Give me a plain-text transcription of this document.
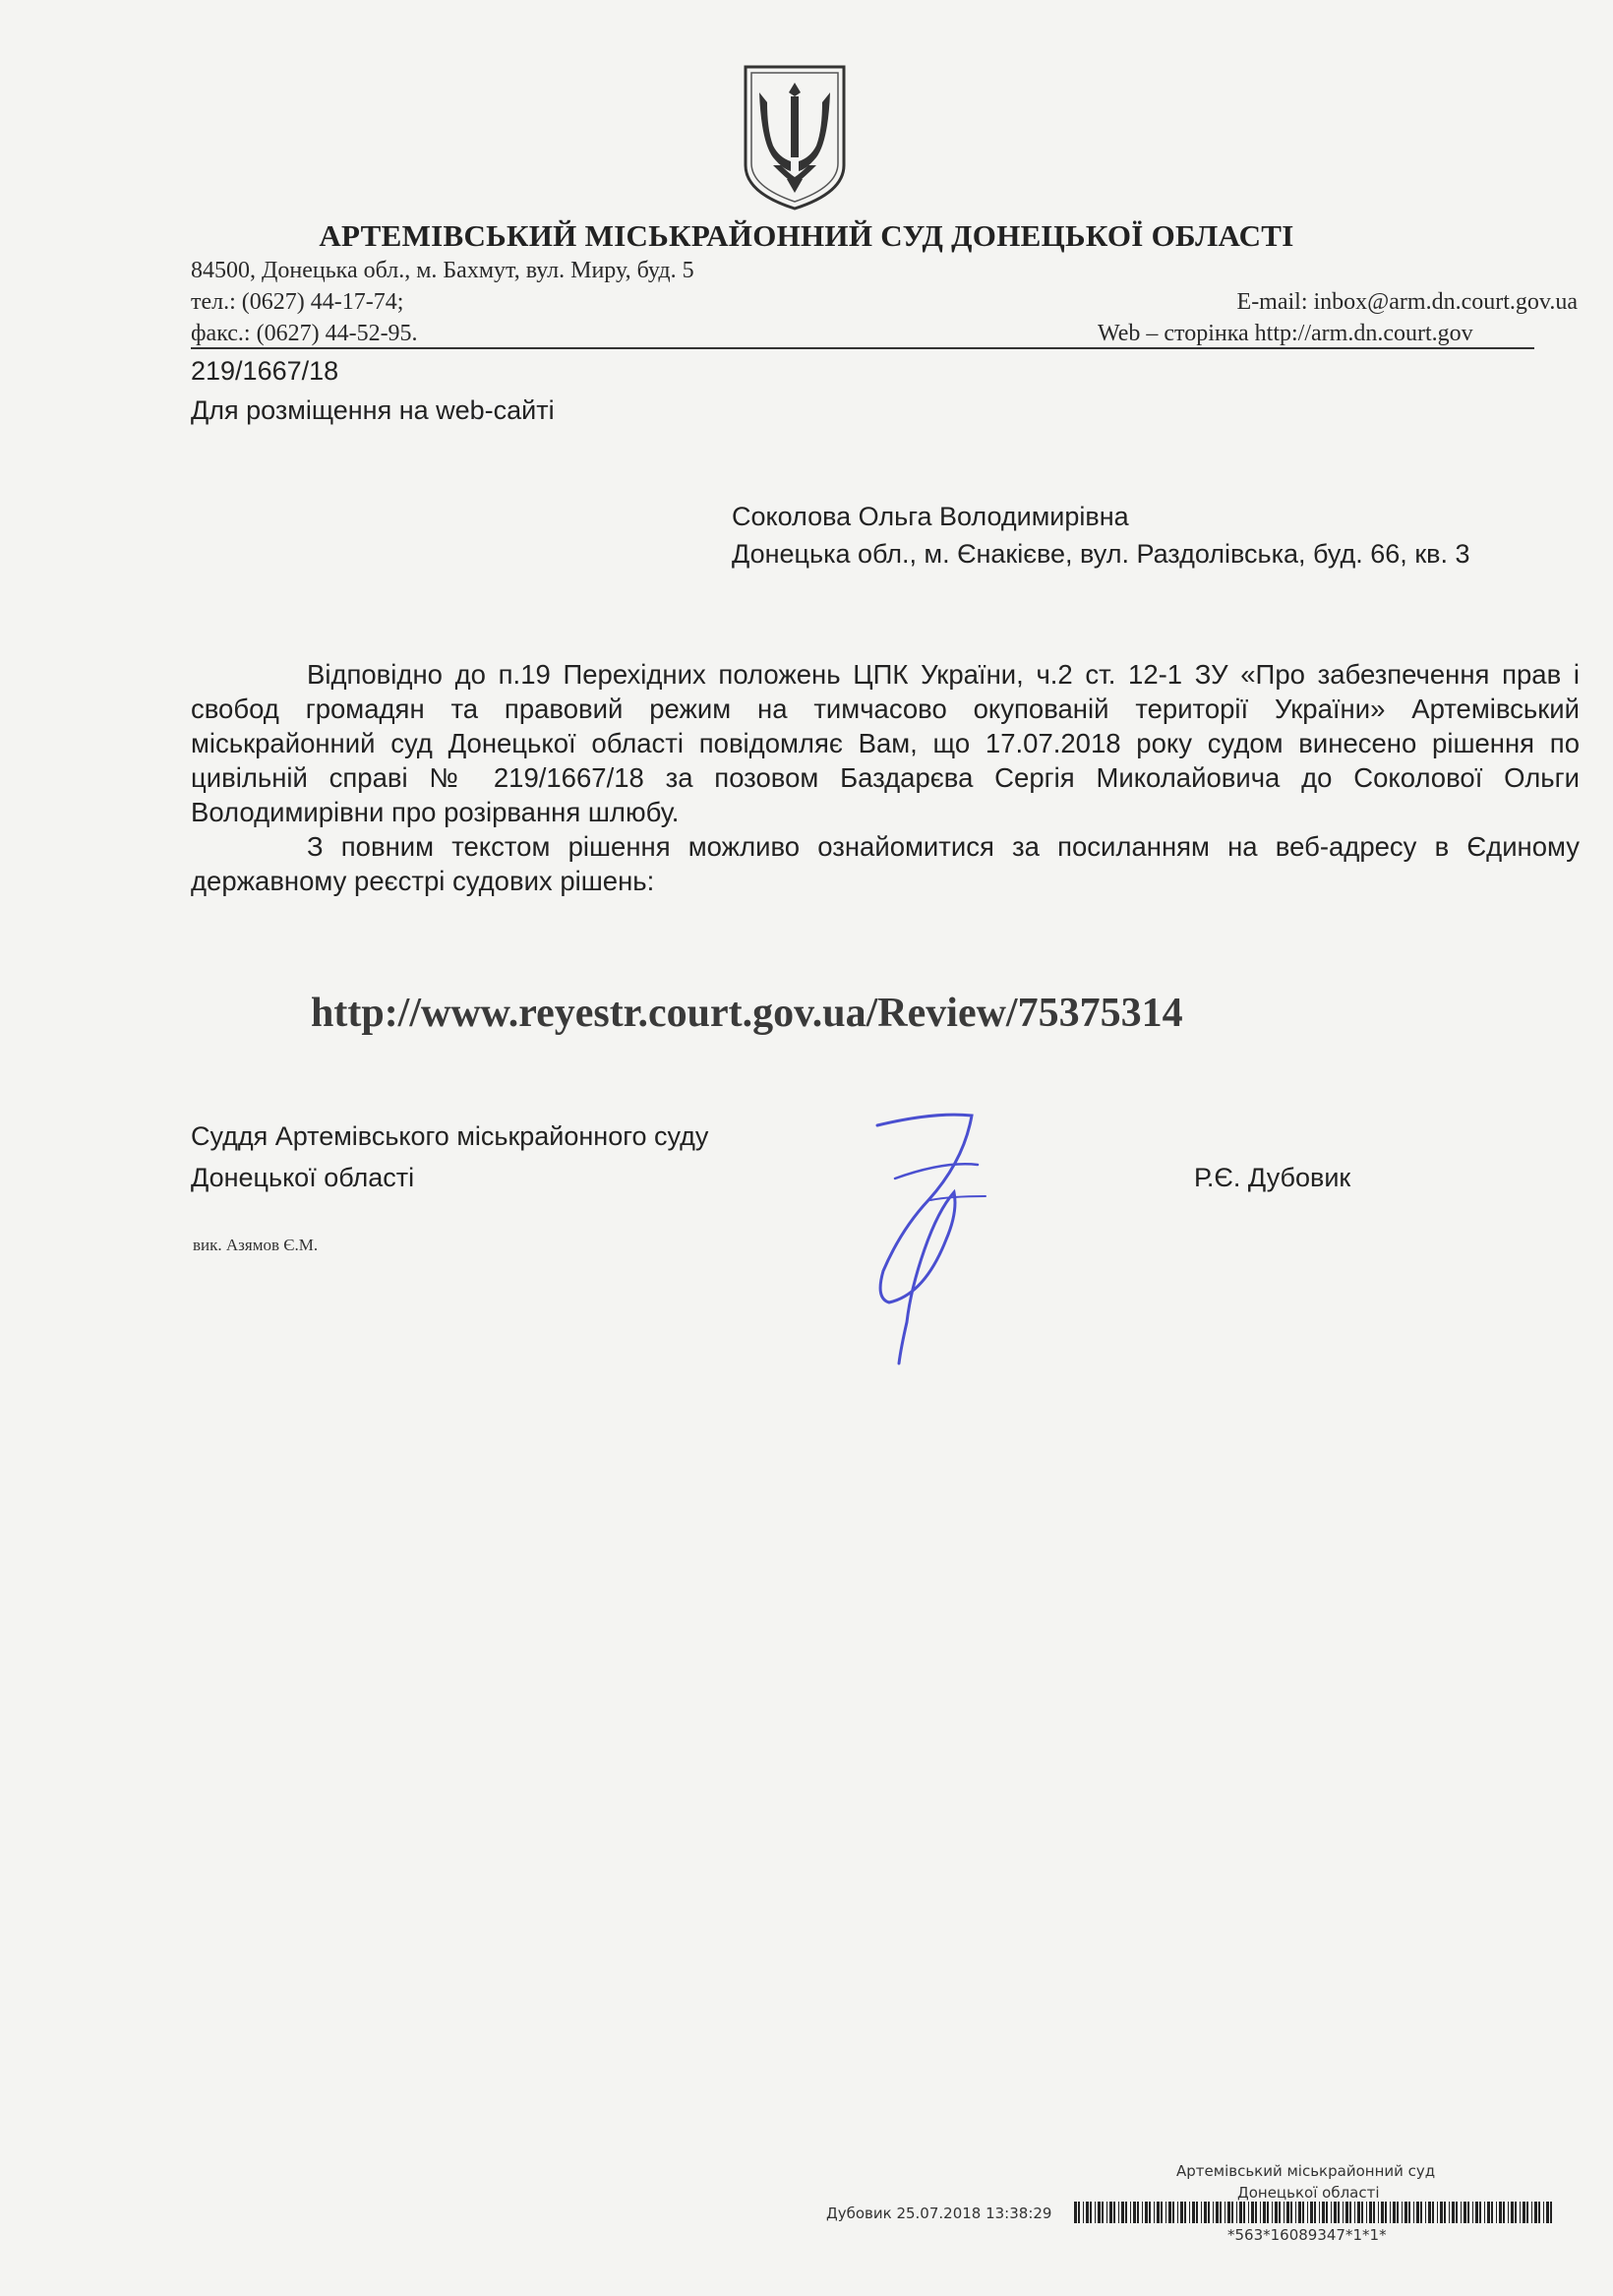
АРТЕМІВСЬКИЙ МІСЬКРАЙОННИЙ СУД ДОНЕЦЬКОЇ ОБЛАСТІ
84500, Донецька обл., м. Бахмут, вул. Миру, буд. 5
тел.: (0627) 44-17-74;	E-mail: inbox@arm.dn.court.gov.ua
факс.: (0627) 44-52-95.	Web – сторінка http://arm.dn.court.gov
219/1667/18
Для розміщення на web-сайті
Соколова Ольга Володимирівна
Донецька обл., м. Єнакієве, вул. Раздолівська, буд. 66, кв. 3

Відповідно до п.19 Перехідних положень ЦПК України, ч.2 ст. 12-1 ЗУ «Про забезпечення прав і свобод громадян та правовий режим на тимчасово окупованій території України» Артемівський міськрайонний суд Донецької області повідомляє Вам, що 17.07.2018 року судом винесено рішення по цивільній справі № 219/1667/18 за позовом Баздарєва Сергія Миколайовича до Соколової Ольги Володимирівни про розірвання шлюбу.

З повним текстом рішення можливо ознайомитися за посиланням на веб-адресу в Єдиному державному реєстрі судових рішень:

http://www.reyestr.court.gov.ua/Review/75375314
Суддя Артемівського міськрайонного суду
Донецької області	Р.Є. Дубовик
вик. Азямов Є.М.
Артемівський міськрайонний суд
Донецької області
Дубовик 25.07.2018 13:38:29
*563*16089347*1*1*
